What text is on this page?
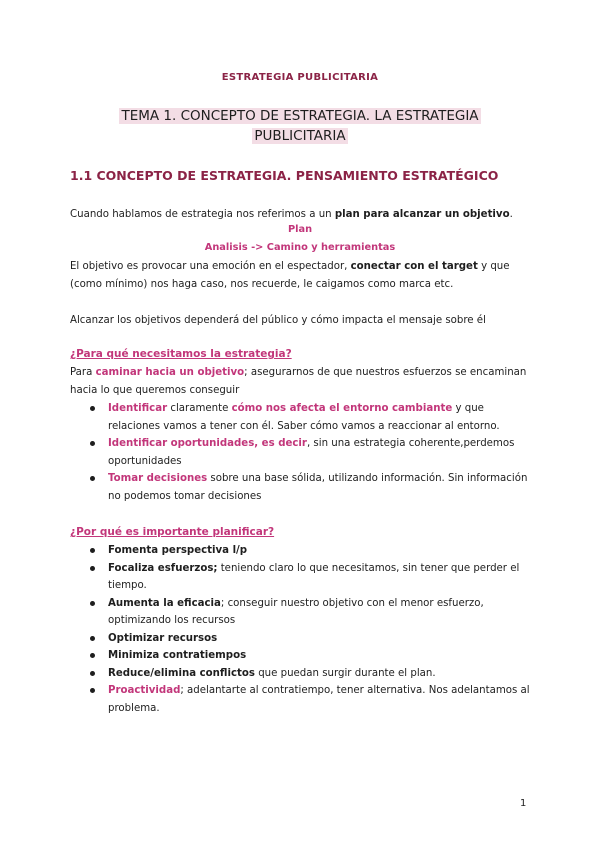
ESTRATEGIA PUBLICITARIA
TEMA 1. CONCEPTO DE ESTRATEGIA. LA ESTRATEGIA
PUBLICITARIA
1.1 CONCEPTO DE ESTRATEGIA. PENSAMIENTO ESTRATÉGICO
Cuando hablamos de estrategia nos referimos a un plan para alcanzar un objetivo.
Plan
Analisis -> Camino y herramientas
El objetivo es provocar una emoción en el espectador, conectar con el target y que (como mínimo) nos haga caso, nos recuerde, le caigamos como marca etc.
Alcanzar los objetivos dependerá del público y cómo impacta el mensaje sobre él
¿Para qué necesitamos la estrategia?
Para caminar hacia un objetivo; asegurarnos de que nuestros esfuerzos se encaminan hacia lo que queremos conseguir
Identificar claramente cómo nos afecta el entorno cambiante y que relaciones vamos a tener con él. Saber cómo vamos a reaccionar al entorno.
Identificar oportunidades, es decir, sin una estrategia coherente,perdemos oportunidades
Tomar decisiones sobre una base sólida, utilizando información. Sin información no podemos tomar decisiones
¿Por qué es importante planificar?
Fomenta perspectiva l/p
Focaliza esfuerzos; teniendo claro lo que necesitamos, sin tener que perder el tiempo.
Aumenta la eficacia; conseguir nuestro objetivo con el menor esfuerzo, optimizando los recursos
Optimizar recursos
Minimiza contratiempos
Reduce/elimina conflictos que puedan surgir durante el plan.
Proactividad; adelantarte al contratiempo, tener alternativa. Nos adelantamos al problema.
1
